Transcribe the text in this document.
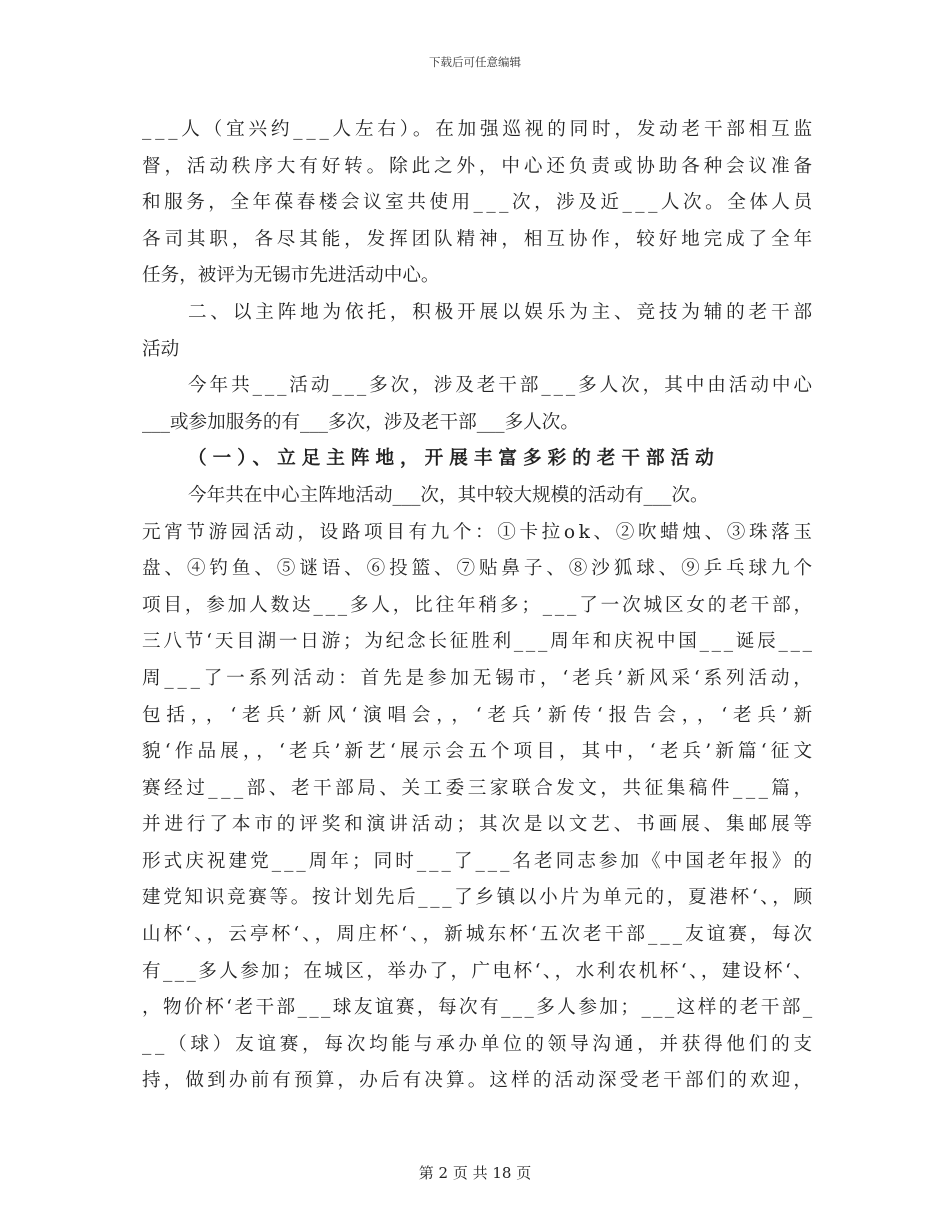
下载后可任意编辑
___人（宜兴约___人左右）。在加强巡视的同时，发动老干部相互监
督，活动秩序大有好转。除此之外，中心还负责或协助各种会议准备
和服务，全年葆春楼会议室共使用___次，涉及近___人次。全体人员
各司其职，各尽其能，发挥团队精神，相互协作，较好地完成了全年
任务，被评为无锡市先进活动中心。
二、以主阵地为依托，积极开展以娱乐为主、竞技为辅的老干部
活动
今年共___活动___多次，涉及老干部___多人次，其中由活动中心
___或参加服务的有___多次，涉及老干部___多人次。
（一）、立足主阵地，开展丰富多彩的老干部活动
今年共在中心主阵地活动___次，其中较大规模的活动有___次。
元宵节游园活动，设路项目有九个：①卡拉ok、②吹蜡烛、③珠落玉
盘、④钓鱼、⑤谜语、⑥投篮、⑦贴鼻子、⑧沙狐球、⑨乒乓球九个
项目，参加人数达___多人，比往年稍多；___了一次城区女的老干部，
三八节‘天目湖一日游；为纪念长征胜利___周年和庆祝中国___诞辰___
周___了一系列活动：首先是参加无锡市，‘老兵’新风采‘系列活动，
包括，，‘老兵’新风‘演唱会，，‘老兵’新传‘报告会，，‘老兵’新
貌‘作品展，，‘老兵’新艺‘展示会五个项目，其中，‘老兵’新篇‘征文
赛经过___部、老干部局、关工委三家联合发文，共征集稿件___篇，
并进行了本市的评奖和演讲活动；其次是以文艺、书画展、集邮展等
形式庆祝建党___周年；同时___了___名老同志参加《中国老年报》的
建党知识竞赛等。按计划先后___了乡镇以小片为单元的，夏港杯‘、，顾
山杯‘、，云亭杯‘、，周庄杯‘、，新城东杯‘五次老干部___友谊赛，每次
有___多人参加；在城区，举办了，广电杯‘、，水利农机杯‘、，建设杯‘、
，物价杯‘老干部___球友谊赛，每次有___多人参加；___这样的老干部_
__（球）友谊赛，每次均能与承办单位的领导沟通，并获得他们的支
持，做到办前有预算，办后有决算。这样的活动深受老干部们的欢迎，
第 2 页 共 18 页
